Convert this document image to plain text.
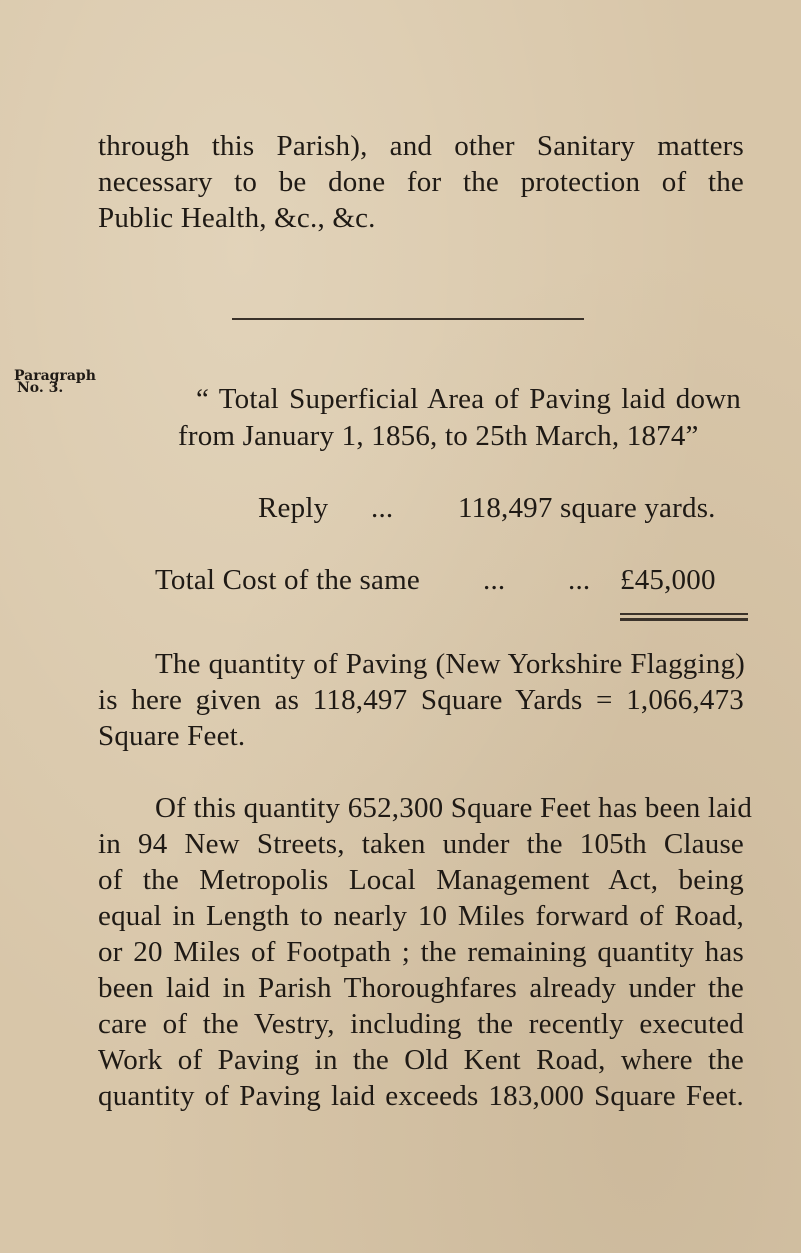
through this Parish), and other Sanitary matters
necessary to be done for the protection of the
Public Health, &c., &c.
Paragraph
No. 3.	“ Total Superficial Area of Paving laid down
from January 1, 1856, to 25th March, 1874”
Reply ... 118,497 square yards.
Total Cost of the same ... ... £45,000
The quantity of Paving (New Yorkshire Flagging)
is here given as 118,497 Square Yards = 1,066,473
Square Feet.
Of this quantity 652,300 Square Feet has been laid
in 94 New Streets, taken under the 105th Clause
of the Metropolis Local Management Act, being
equal in Length to nearly 10 Miles forward of Road,
or 20 Miles of Footpath ; the remaining quantity has
been laid in Parish Thoroughfares already under the
care of the Vestry, including the recently executed
Work of Paving in the Old Kent Road, where the
quantity of Paving laid exceeds 183,000 Square Feet.
